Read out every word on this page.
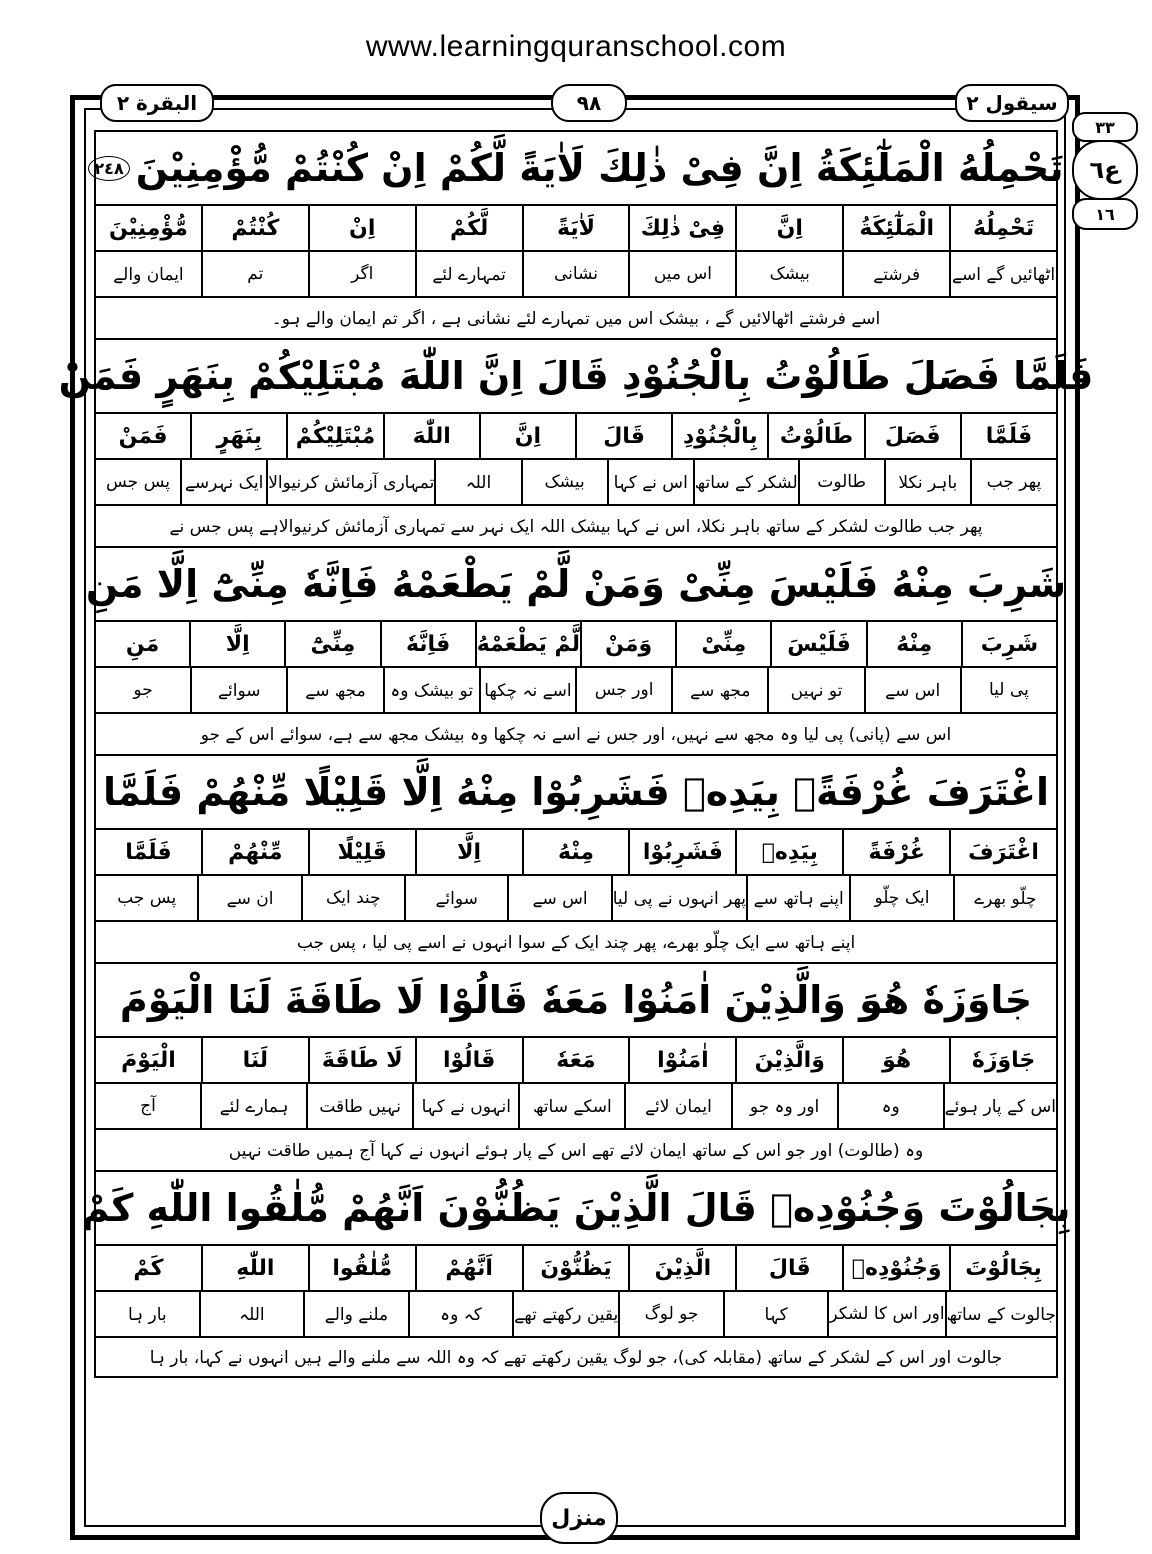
www.learningquranschool.com
البقرة ٢	٩٨	سیقول ٢
٣٣
ع٦
١٦
تَحْمِلُهُ الْمَلٰٓئِكَةُ اِنَّ فِیْ ذٰلِكَ لَاٰیَةً لَّكُمْ اِنْ كُنْتُمْ مُّؤْمِنِیْنَ
٢٤٨
تَحْمِلُهُ
الْمَلٰٓئِكَةُ
اِنَّ
فِیْ ذٰلِكَ
لَاٰیَةً
لَّكُمْ
اِنْ
كُنْتُمْ
مُّؤْمِنِیْنَ
اٹھائیں گے اسے
فرشتے
بیشک
اس میں
نشانی
تمہارے لئے
اگر
تم
ایمان والے
اسے فرشتے اٹھالائیں گے ، بیشک اس میں تمہارے لئے نشانی ہے ، اگر تم ایمان والے ہو۔
فَلَمَّا فَصَلَ طَالُوْتُ بِالْجُنُوْدِ قَالَ اِنَّ اللّٰهَ مُبْتَلِیْكُمْ بِنَهَرٍ فَمَنْ
فَلَمَّا
فَصَلَ
طَالُوْتُ
بِالْجُنُوْدِ
قَالَ
اِنَّ
اللّٰهَ
مُبْتَلِیْكُمْ
بِنَهَرٍ
فَمَنْ
پھر جب
باہر نکلا
طالوت
لشکر کے ساتھ
اس نے کہا
بیشک
اللہ
تمہاری آزمائش کرنیوالا
ایک نہرسے
پس جس
پھر جب طالوت لشکر کے ساتھ باہر نکلا، اس نے کہا بیشک اللہ ایک نہر سے تمہاری آزمائش کرنیوالاہے پس جس نے
شَرِبَ مِنْهُ فَلَیْسَ مِنِّیْ وَمَنْ لَّمْ یَطْعَمْهُ فَاِنَّهٗ مِنِّیْٓ اِلَّا مَنِ
شَرِبَ
مِنْهُ
فَلَیْسَ
مِنِّیْ
وَمَنْ
لَّمْ یَطْعَمْهُ
فَاِنَّهٗ
مِنِّیْٓ
اِلَّا
مَنِ
پی لیا
اس سے
تو نہیں
مجھ سے
اور جس
اسے نہ چکھا
تو بیشک وہ
مجھ سے
سوائے
جو
اس سے (پانی) پی لیا وہ مجھ سے نہیں، اور جس نے اسے نہ چکھا وہ بیشک مجھ سے ہے، سوائے اس کے جو
اغْتَرَفَ غُرْفَةًۢ بِیَدِهٖ فَشَرِبُوْا مِنْهُ اِلَّا قَلِیْلًا مِّنْهُمْ فَلَمَّا
اغْتَرَفَ
غُرْفَةً
بِیَدِهٖ
فَشَرِبُوْا
مِنْهُ
اِلَّا
قَلِیْلًا
مِّنْهُمْ
فَلَمَّا
چلّو بھرے
ایک چلّو
اپنے ہاتھ سے
پھر انہوں نے پی لیا
اس سے
سوائے
چند ایک
ان سے
پس جب
اپنے ہاتھ سے ایک چلّو بھرے، پھر چند ایک کے سوا انہوں نے اسے پی لیا ، پس جب
جَاوَزَهٗ هُوَ وَالَّذِیْنَ اٰمَنُوْا مَعَهٗ قَالُوْا لَا طَاقَةَ لَنَا الْیَوْمَ
جَاوَزَهٗ
هُوَ
وَالَّذِیْنَ
اٰمَنُوْا
مَعَهٗ
قَالُوْا
لَا طَاقَةَ
لَنَا
الْیَوْمَ
اس کے پار ہوئے
وہ
اور وہ جو
ایمان لائے
اسکے ساتھ
انہوں نے کہا
نہیں طاقت
ہمارے لئے
آج
وہ (طالوت) اور جو اس کے ساتھ ایمان لائے تھے اس کے پار ہوئے انہوں نے کہا آج ہمیں طاقت نہیں
بِجَالُوْتَ وَجُنُوْدِهٖ قَالَ الَّذِیْنَ یَظُنُّوْنَ اَنَّهُمْ مُّلٰقُوا اللّٰهِ كَمْ
بِجَالُوْتَ
وَجُنُوْدِهٖ
قَالَ
الَّذِیْنَ
یَظُنُّوْنَ
اَنَّهُمْ
مُّلٰقُوا
اللّٰهِ
كَمْ
جالوت کے ساتھ
اور اس کا لشکر
کہا
جو لوگ
یقین رکھتے تھے
کہ وہ
ملنے والے
اللہ
بار ہا
جالوت اور اس کے لشکر کے ساتھ (مقابلہ کی)، جو لوگ یقین رکھتے تھے کہ وہ اللہ سے ملنے والے ہیں انہوں نے کہا، بار ہا
منزل
